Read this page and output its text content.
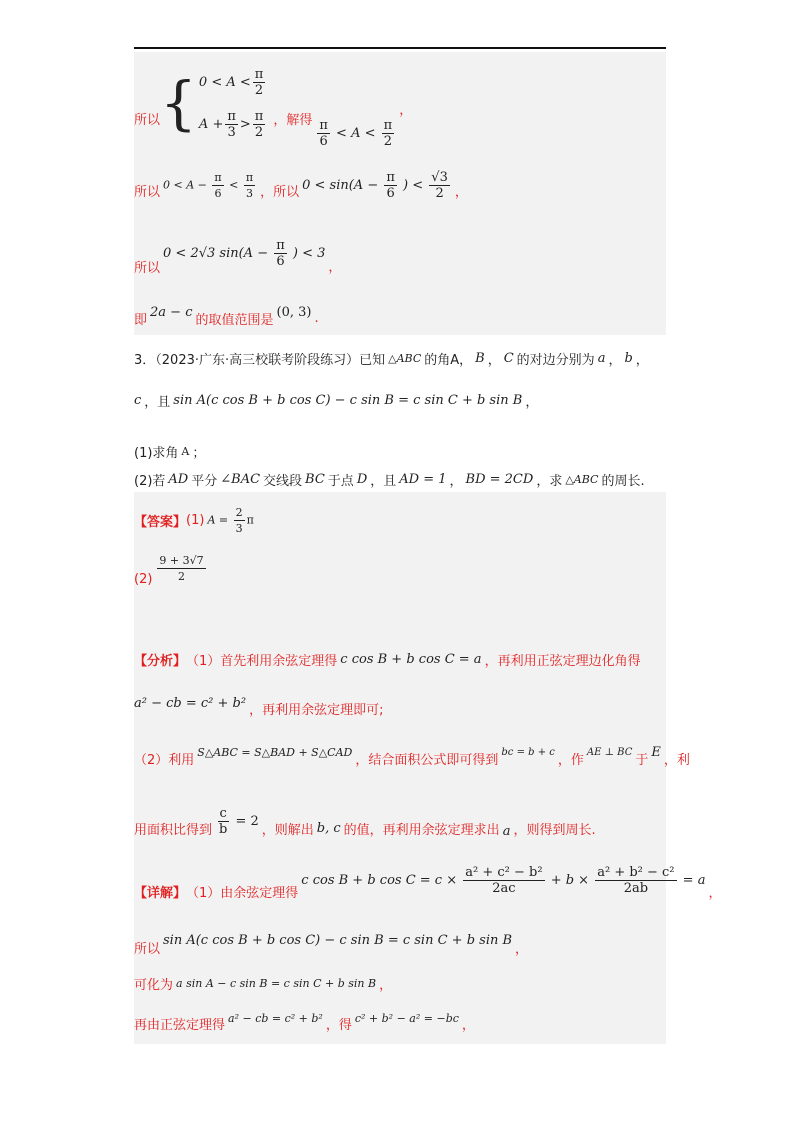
所以 { $0 < A < \frac{\pi}{2}$
$A + \frac{\pi}{3} > \frac{\pi}{2}$ ，解得 $\frac{\pi}{6} < A < \frac{\pi}{2}$
，
所以 $0 < A - \frac{\pi}{6} < \frac{\pi}{3}$ ，所以 $0 < \sin(A - \frac{\pi}{6}$ ) < $\frac{√3}{2}$ ，
所以
0 < 2√3 $\sin(A - \frac{\pi}{6}$ ) < 3
，
即
2a − c
的取值范围是
(0, 3) .
3．（2023·广东·高三校联考阶段练习）已知 △ABC 的角A， B ， C 的对边分别为 a ， b ，
c ，且 sin A(c cos B + b cos C) − c sin B = c sin C + b sin B ，
(1)求角 A ；
(2)若 AD 平分 ∠BAC 交线段 BC 于点 D ，且 AD = 1 ， BD = 2CD ，求 △ABC 的周长.
【答案】 (1) $A = \frac{2}{3}$ π
$(2) \frac{9 + 3√7}{2}$
【分析】 （1）首先利用余弦定理得 c cos B + b cos C = a ，再利用正弦定理边化角得
a² − cb = c² + b² ，再利用余弦定理即可;
（2）利用
S△ABC = S△BAD + S△CAD
，结合面积公式即可得到
bc = b + c
，作
AE ⊥ BC
于
E
，利
用面积比得到 $\frac{c}{b} = 2$
，则解出 b, c 的值，再利用余弦定理求出 a ，则得到周长.
【详解】 （1）由余弦定理得
c cos B + b $\cos C = c \times \frac{\text{a² + c² − b²}}{2ac} + b \times \frac{\text{a² + b² − c²}}{2ab} = a$
，
所以
sin A(c cos B + b cos C) − c sin B = c sin C + b sin B
，
可化为 a sin A − c sin B = c sin C + b sin B ，
再由正弦定理得 a² − cb = c² + b² ，得 c² + b² − a² = −bc ，
